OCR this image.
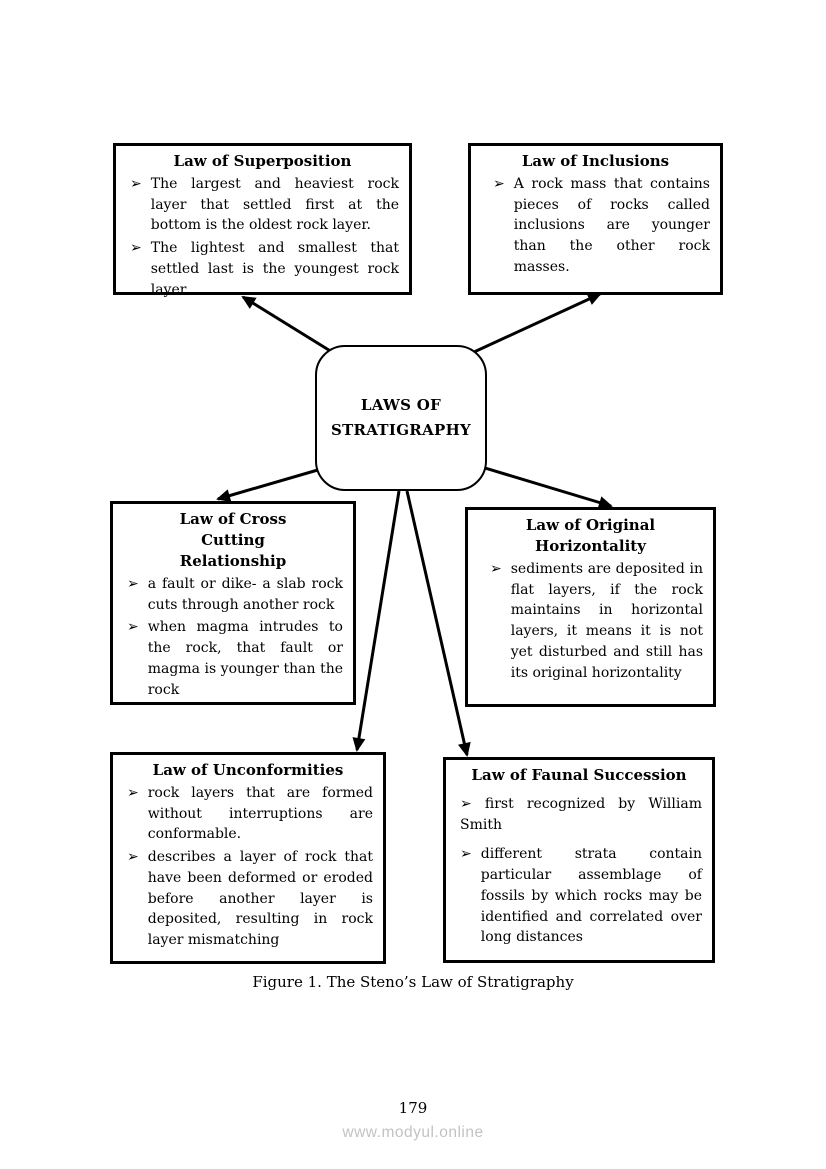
Law of Superposition
➢ The largest and heaviest rock layer that settled first at the bottom is the oldest rock layer.
➢ The lightest and smallest that settled last is the youngest rock layer.
Law of Inclusions
➢ A rock mass that contains pieces of rocks called inclusions are younger than the other rock masses.
LAWS OF STRATIGRAPHY
Law of Cross Cutting Relationship
➢ a fault or dike- a slab rock cuts through another rock
➢ when magma intrudes to the rock, that fault or magma is younger than the rock
Law of Original Horizontality
➢ sediments are deposited in flat layers, if the rock maintains in horizontal layers, it means it is not yet disturbed and still has its original horizontality
Law of Unconformities
➢ rock layers that are formed without interruptions are conformable.
➢ describes a layer of rock that have been deformed or eroded before another layer is deposited, resulting in rock layer mismatching
Law of Faunal Succession
➢ first recognized by William Smith
➢ different strata contain particular assemblage of fossils by which rocks may be identified and correlated over long distances
Figure 1. The Steno’s Law of Stratigraphy
179
www.modyul.online
